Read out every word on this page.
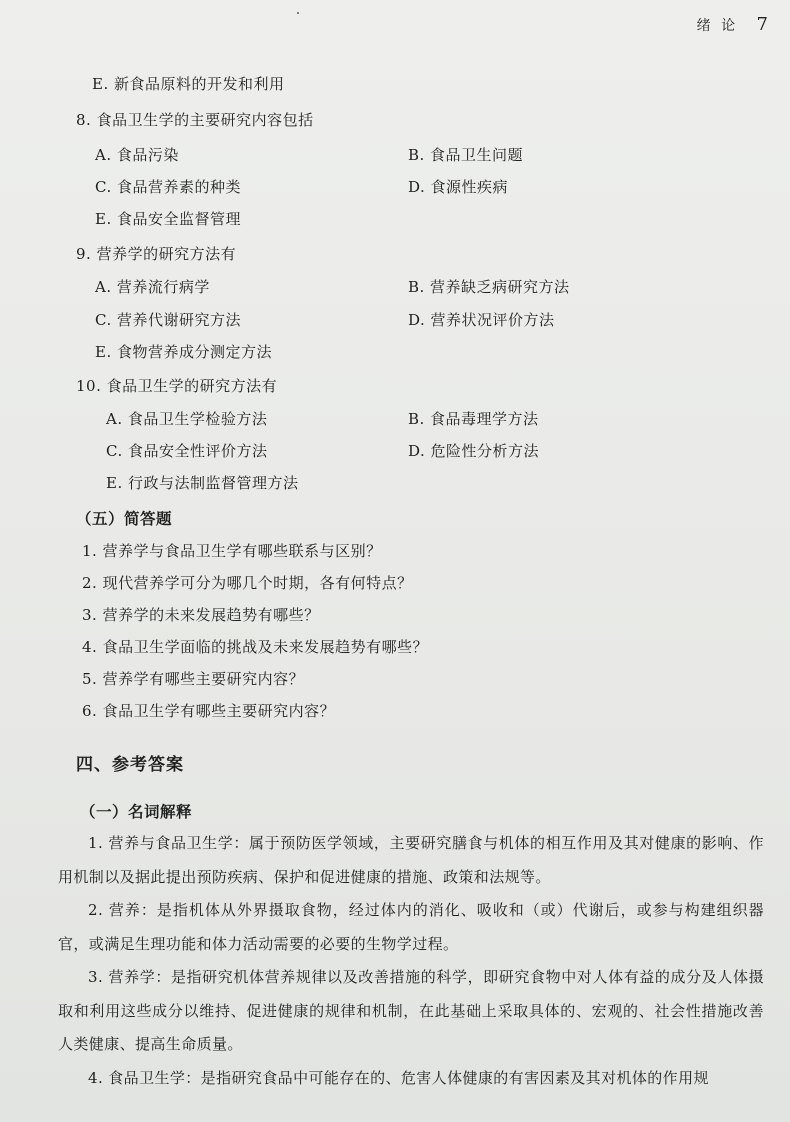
绪 论 7
E. 新食品原料的开发和利用
8. 食品卫生学的主要研究内容包括
A. 食品污染	B. 食品卫生问题
C. 食品营养素的种类	D. 食源性疾病
E. 食品安全监督管理
9. 营养学的研究方法有
A. 营养流行病学	B. 营养缺乏病研究方法
C. 营养代谢研究方法	D. 营养状况评价方法
E. 食物营养成分测定方法
10. 食品卫生学的研究方法有
A. 食品卫生学检验方法	B. 食品毒理学方法
C. 食品安全性评价方法	D. 危险性分析方法
E. 行政与法制监督管理方法
（五）简答题
1. 营养学与食品卫生学有哪些联系与区别？
2. 现代营养学可分为哪几个时期，各有何特点？
3. 营养学的未来发展趋势有哪些？
4. 食品卫生学面临的挑战及未来发展趋势有哪些？
5. 营养学有哪些主要研究内容？
6. 食品卫生学有哪些主要研究内容？
四、参考答案
（一）名词解释
1. 营养与食品卫生学：属于预防医学领域，主要研究膳食与机体的相互作用及其对健康的影响、作用机制以及据此提出预防疾病、保护和促进健康的措施、政策和法规等。
2. 营养：是指机体从外界摄取食物，经过体内的消化、吸收和（或）代谢后，或参与构建组织器官，或满足生理功能和体力活动需要的必要的生物学过程。
3. 营养学：是指研究机体营养规律以及改善措施的科学，即研究食物中对人体有益的成分及人体摄取和利用这些成分以维持、促进健康的规律和机制，在此基础上采取具体的、宏观的、社会性措施改善人类健康、提高生命质量。
4. 食品卫生学：是指研究食品中可能存在的、危害人体健康的有害因素及其对机体的作用规
